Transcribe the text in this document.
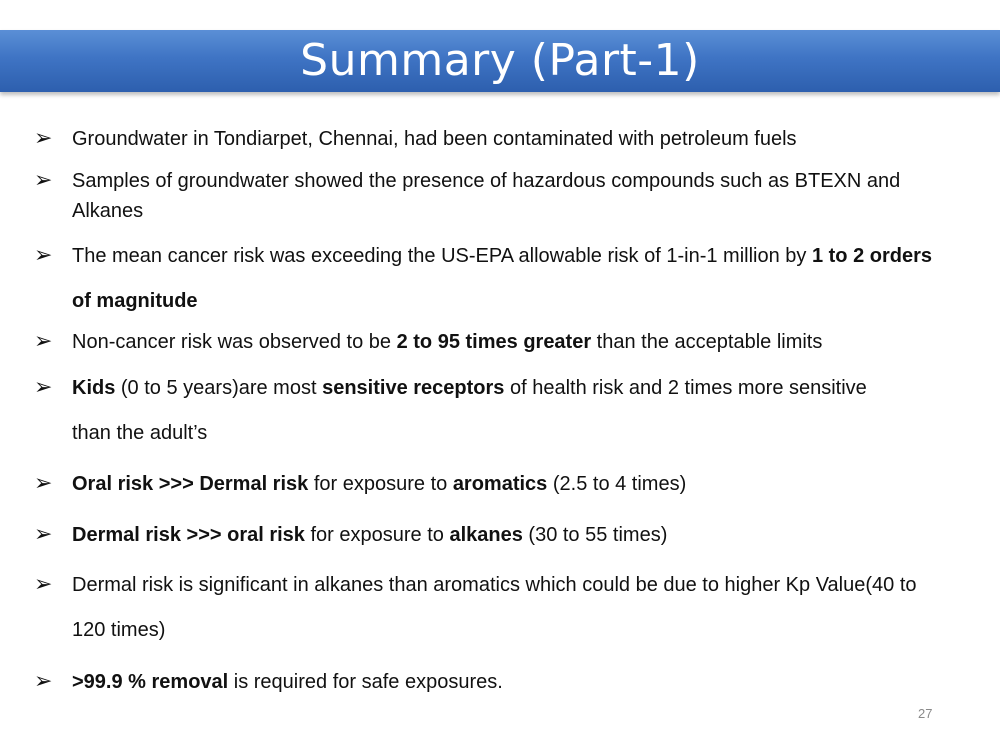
Summary (Part-1)
➢ Groundwater in Tondiarpet, Chennai, had been contaminated with petroleum fuels
➢ Samples of groundwater showed the presence of hazardous compounds such as BTEXN and Alkanes
➢ The mean cancer risk was exceeding the US-EPA allowable risk of 1-in-1 million by 1 to 2 orders of magnitude
➢ Non-cancer risk was observed to be 2 to 95 times greater than the acceptable limits
➢ Kids (0 to 5 years)are most sensitive receptors of health risk and 2 times more sensitive than the adult’s
➢ Oral risk >>> Dermal risk for exposure to aromatics (2.5 to 4 times)
➢ Dermal risk >>> oral risk for exposure to alkanes (30 to 55 times)
➢ Dermal risk is significant in alkanes than aromatics which could be due to higher Kp Value(40 to 120 times)
➢ >99.9 % removal is required for safe exposures.
27
